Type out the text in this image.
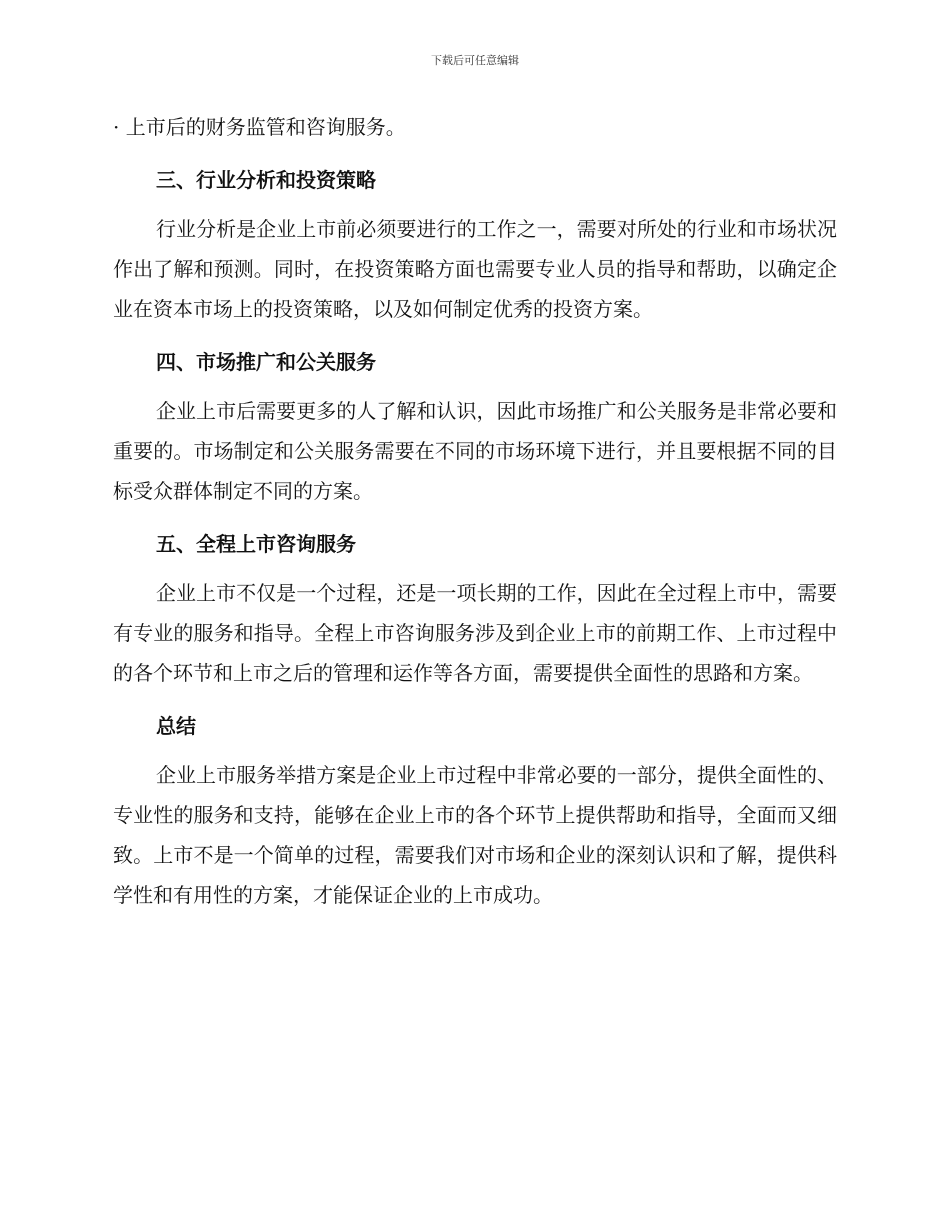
下载后可任意编辑

· 上市后的财务监管和咨询服务。

三、行业分析和投资策略

行业分析是企业上市前必须要进行的工作之一，需要对所处的行业和市场状况作出了解和预测。同时，在投资策略方面也需要专业人员的指导和帮助，以确定企业在资本市场上的投资策略，以及如何制定优秀的投资方案。

四、市场推广和公关服务

企业上市后需要更多的人了解和认识，因此市场推广和公关服务是非常必要和重要的。市场制定和公关服务需要在不同的市场环境下进行，并且要根据不同的目标受众群体制定不同的方案。

五、全程上市咨询服务

企业上市不仅是一个过程，还是一项长期的工作，因此在全过程上市中，需要有专业的服务和指导。全程上市咨询服务涉及到企业上市的前期工作、上市过程中的各个环节和上市之后的管理和运作等各方面，需要提供全面性的思路和方案。

总结

企业上市服务举措方案是企业上市过程中非常必要的一部分，提供全面性的、专业性的服务和支持，能够在企业上市的各个环节上提供帮助和指导，全面而又细致。上市不是一个简单的过程，需要我们对市场和企业的深刻认识和了解，提供科学性和有用性的方案，才能保证企业的上市成功。
